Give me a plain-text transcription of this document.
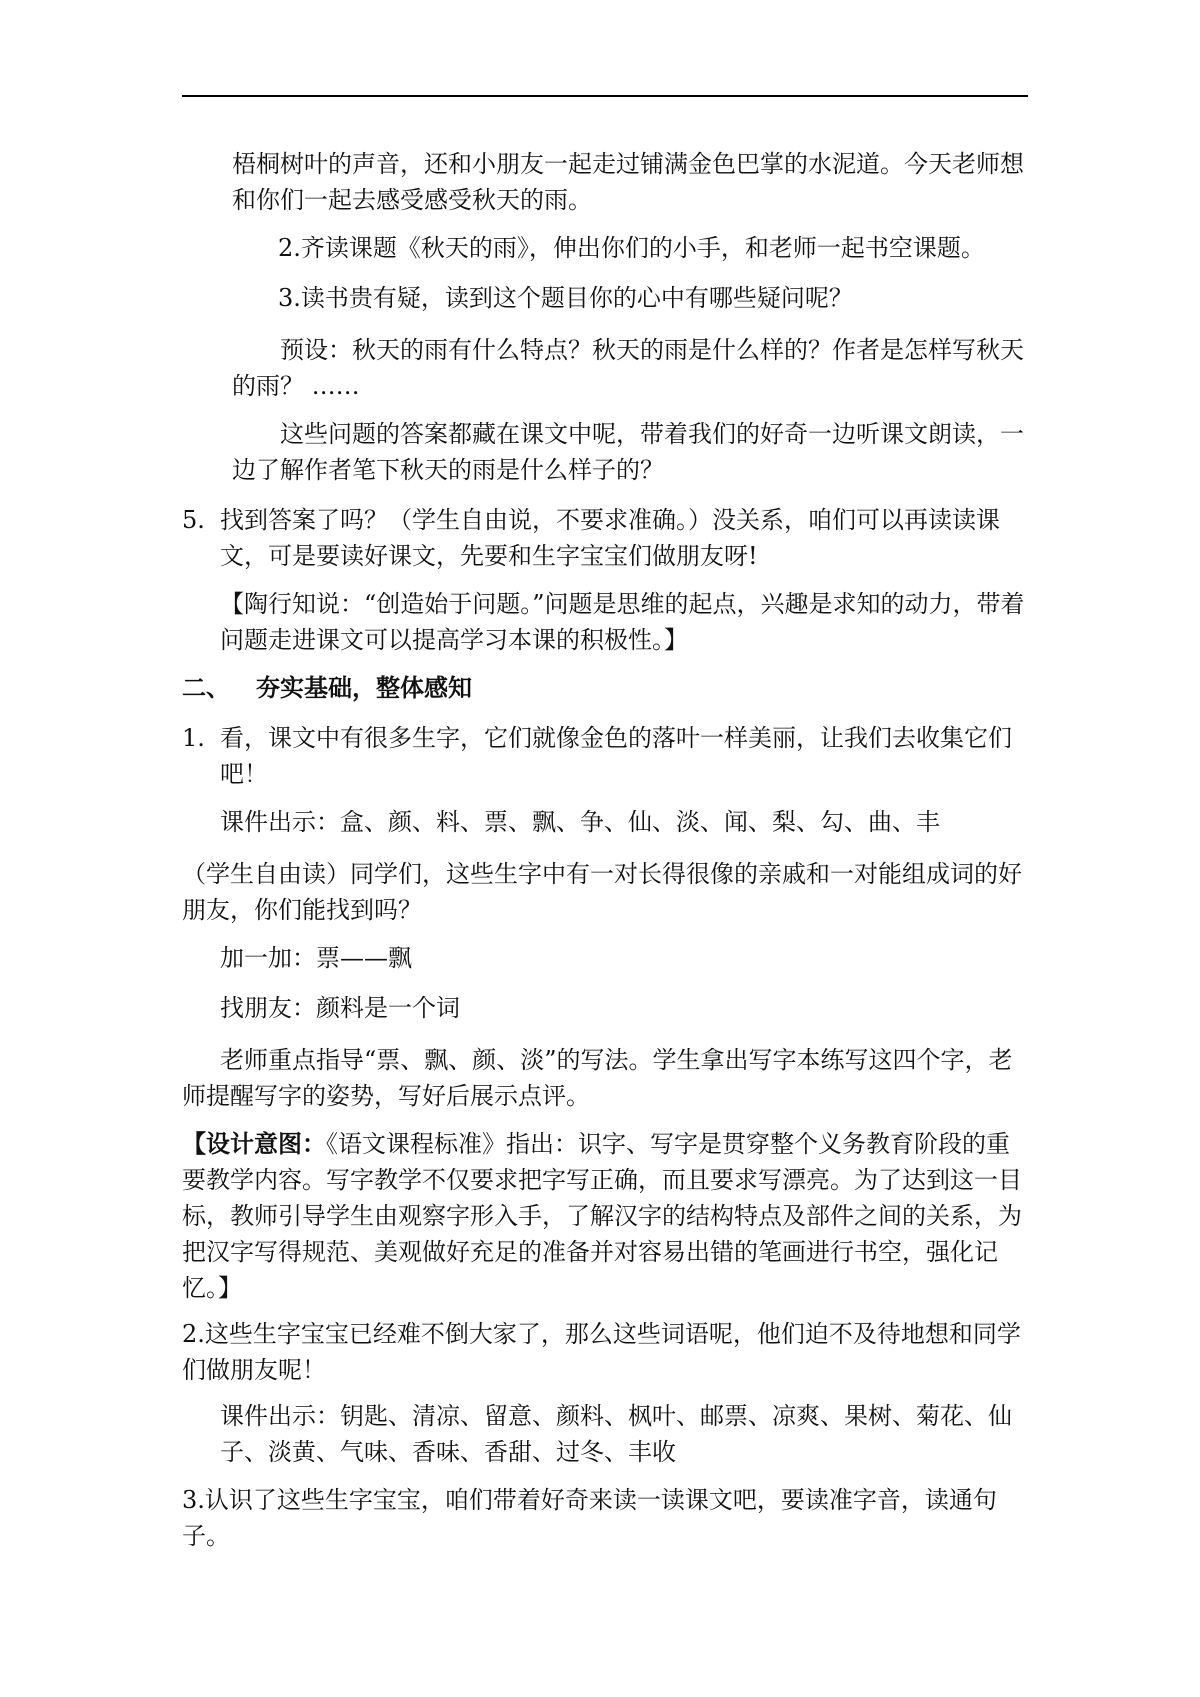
梧桐树叶的声音，还和小朋友一起走过铺满金色巴掌的水泥道。今天老师想和你们一起去感受感受秋天的雨。

2.齐读课题《秋天的雨》，伸出你们的小手，和老师一起书空课题。

3.读书贵有疑，读到这个题目你的心中有哪些疑问呢？

预设：秋天的雨有什么特点？秋天的雨是什么样的？作者是怎样写秋天的雨？ ……

这些问题的答案都藏在课文中呢，带着我们的好奇一边听课文朗读，一边了解作者笔下秋天的雨是什么样子的？

5. 找到答案了吗？（学生自由说，不要求准确。）没关系，咱们可以再读读课文，可是要读好课文，先要和生字宝宝们做朋友呀!

【陶行知说：“创造始于问题。”问题是思维的起点，兴趣是求知的动力，带着问题走进课文可以提高学习本课的积极性。】

二、 夯实基础，整体感知

1. 看，课文中有很多生字，它们就像金色的落叶一样美丽，让我们去收集它们吧！

课件出示：盒、颜、料、票、飘、争、仙、淡、闻、梨、勾、曲、丰

（学生自由读）同学们，这些生字中有一对长得很像的亲戚和一对能组成词的好朋友，你们能找到吗？

加一加：票——飘

找朋友：颜料是一个词

老师重点指导“票、飘、颜、淡”的写法。学生拿出写字本练写这四个字，老师提醒写字的姿势，写好后展示点评。

【设计意图：《语文课程标准》指出：识字、写字是贯穿整个义务教育阶段的重要教学内容。写字教学不仅要求把字写正确，而且要求写漂亮。为了达到这一目标，教师引导学生由观察字形入手，了解汉字的结构特点及部件之间的关系，为把汉字写得规范、美观做好充足的准备并对容易出错的笔画进行书空，强化记忆。】

2.这些生字宝宝已经难不倒大家了，那么这些词语呢，他们迫不及待地想和同学们做朋友呢！

课件出示：钥匙、清凉、留意、颜料、枫叶、邮票、凉爽、果树、菊花、仙子、淡黄、气味、香味、香甜、过冬、丰收

3.认识了这些生字宝宝，咱们带着好奇来读一读课文吧，要读准字音，读通句子。
